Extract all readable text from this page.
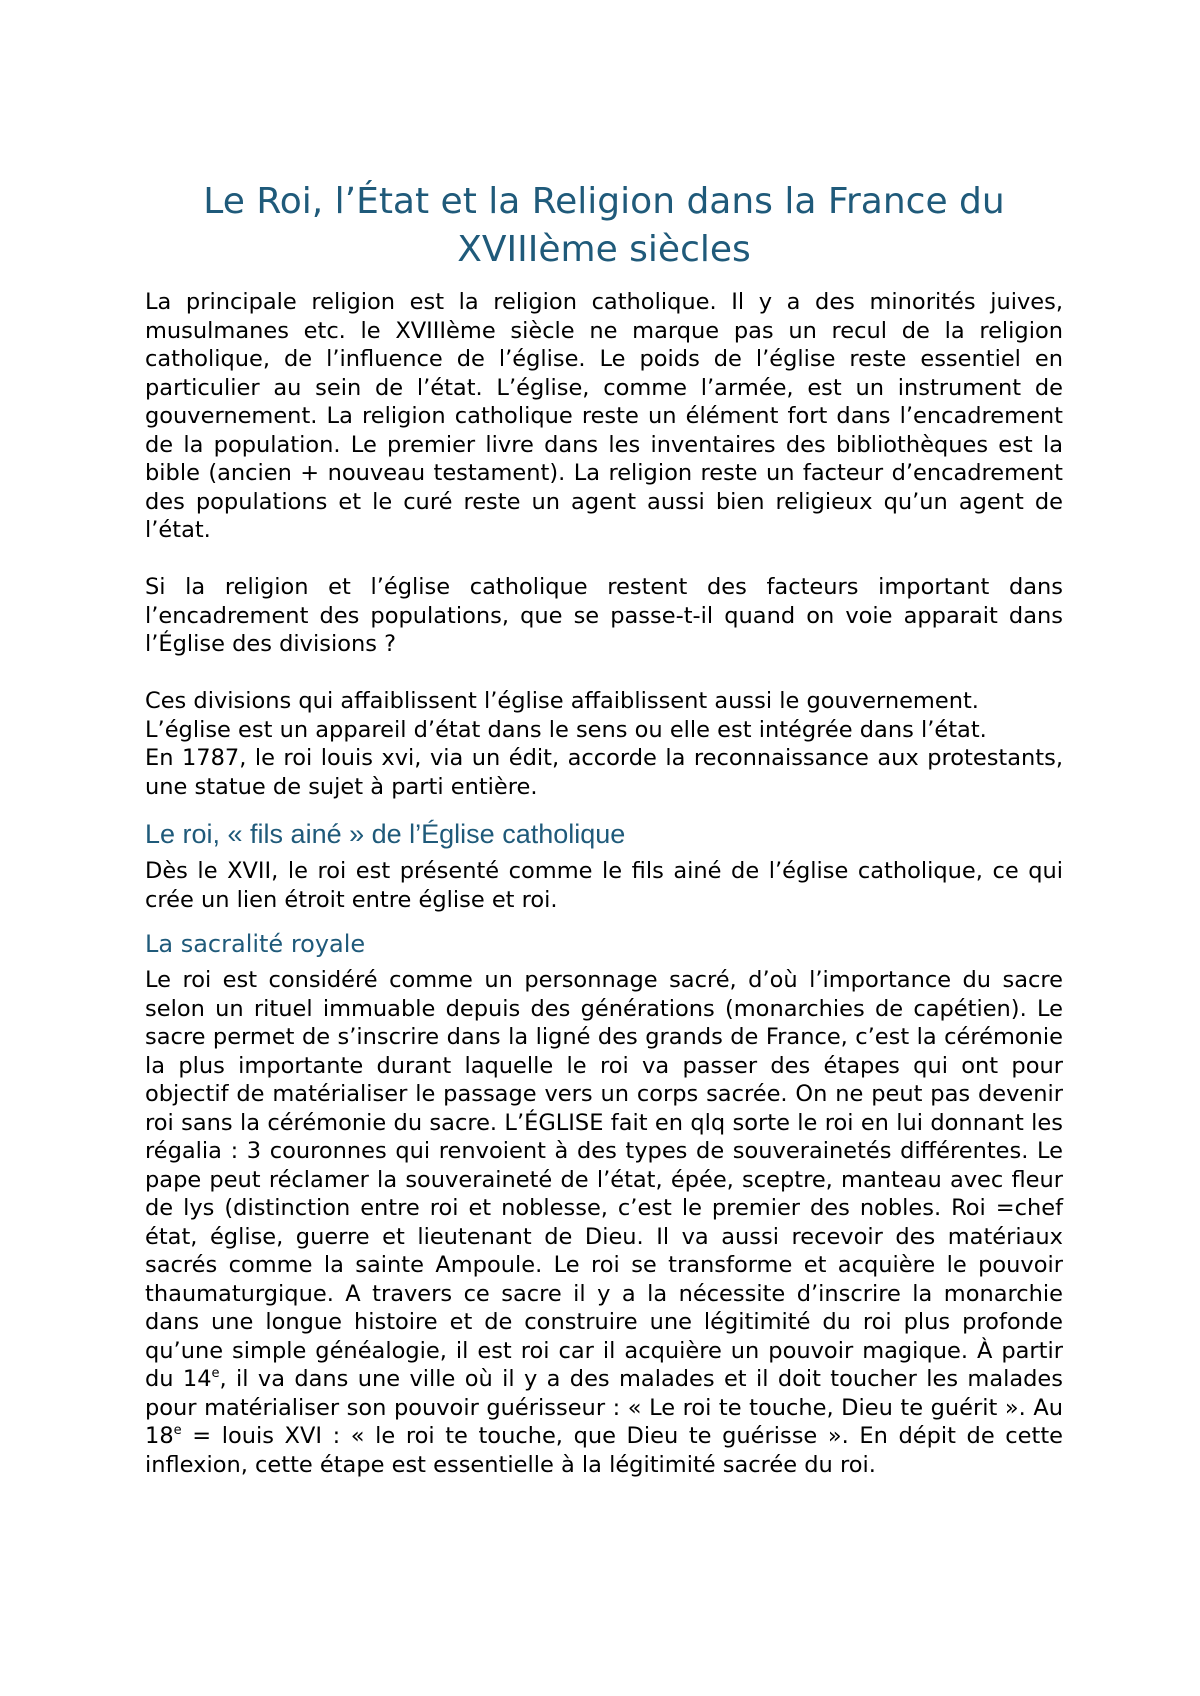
Le Roi, l’État et la Religion dans la France du XVIIIème siècles

La principale religion est la religion catholique. Il y a des minorités juives, musulmanes etc. le XVIIIème siècle ne marque pas un recul de la religion catholique, de l’influence de l’église. Le poids de l’église reste essentiel en particulier au sein de l’état. L’église, comme l’armée, est un instrument de gouvernement. La religion catholique reste un élément fort dans l’encadrement de la population. Le premier livre dans les inventaires des bibliothèques est la bible (ancien + nouveau testament). La religion reste un facteur d’encadrement des populations et le curé reste un agent aussi bien religieux qu’un agent de l’état.

Si la religion et l’église catholique restent des facteurs important dans l’encadrement des populations, que se passe-t-il quand on voie apparait dans l’Église des divisions ?

Ces divisions qui affaiblissent l’église affaiblissent aussi le gouvernement.

L’église est un appareil d’état dans le sens ou elle est intégrée dans l’état.

En 1787, le roi louis xvi, via un édit, accorde la reconnaissance aux protestants, une statue de sujet à parti entière.

Le roi, « fils ainé » de l’Église catholique

Dès le XVII, le roi est présenté comme le fils ainé de l’église catholique, ce qui crée un lien étroit entre église et roi.

La sacralité royale

Le roi est considéré comme un personnage sacré, d’où l’importance du sacre selon un rituel immuable depuis des générations (monarchies de capétien). Le sacre permet de s’inscrire dans la ligné des grands de France, c’est la cérémonie la plus importante durant laquelle le roi va passer des étapes qui ont pour objectif de matérialiser le passage vers un corps sacrée. On ne peut pas devenir roi sans la cérémonie du sacre. L’ÉGLISE fait en qlq sorte le roi en lui donnant les régalia : 3 couronnes qui renvoient à des types de souverainetés différentes. Le pape peut réclamer la souveraineté de l’état, épée, sceptre, manteau avec fleur de lys (distinction entre roi et noblesse, c’est le premier des nobles. Roi =chef état, église, guerre et lieutenant de Dieu. Il va aussi recevoir des matériaux sacrés comme la sainte Ampoule. Le roi se transforme et acquière le pouvoir thaumaturgique. A travers ce sacre il y a la nécessite d’inscrire la monarchie dans une longue histoire et de construire une légitimité du roi plus profonde qu’une simple généalogie, il est roi car il acquière un pouvoir magique. À partir du 14e, il va dans une ville où il y a des malades et il doit toucher les malades pour matérialiser son pouvoir guérisseur : « Le roi te touche, Dieu te guérit ». Au $18^e$ = louis XVI : « le roi te touche, que Dieu te guérisse ». En dépit de cette inflexion, cette étape est essentielle à la légitimité sacrée du roi.
